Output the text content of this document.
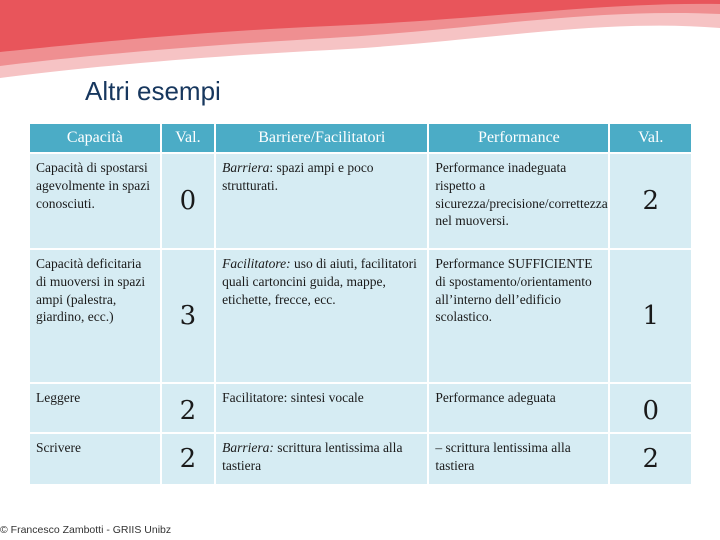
Altri esempi
Capacità	Val.	Barriere/Facilitatori	Performance	Val.
Capacità di spostarsi agevolmente in spazi conosciuti.	0	Barriera: spazi ampi e poco strutturati.	Performance inadeguata rispetto a sicurezza/precisione/correttezza nel muoversi.	2
Capacità deficitaria di muoversi in spazi ampi (palestra, giardino, ecc.)	3	Facilitatore: uso di aiuti, facilitatori quali cartoncini guida, mappe, etichette, frecce, ecc.	Performance SUFFICIENTE di spostamento/orientamento all’interno dell’edificio scolastico.	1
Leggere	2	Facilitatore: sintesi vocale	Performance adeguata	0
Scrivere	2	Barriera: scrittura lentissima alla tastiera	– scrittura lentissima alla tastiera	2
© Francesco Zambotti - GRIIS Unibz
